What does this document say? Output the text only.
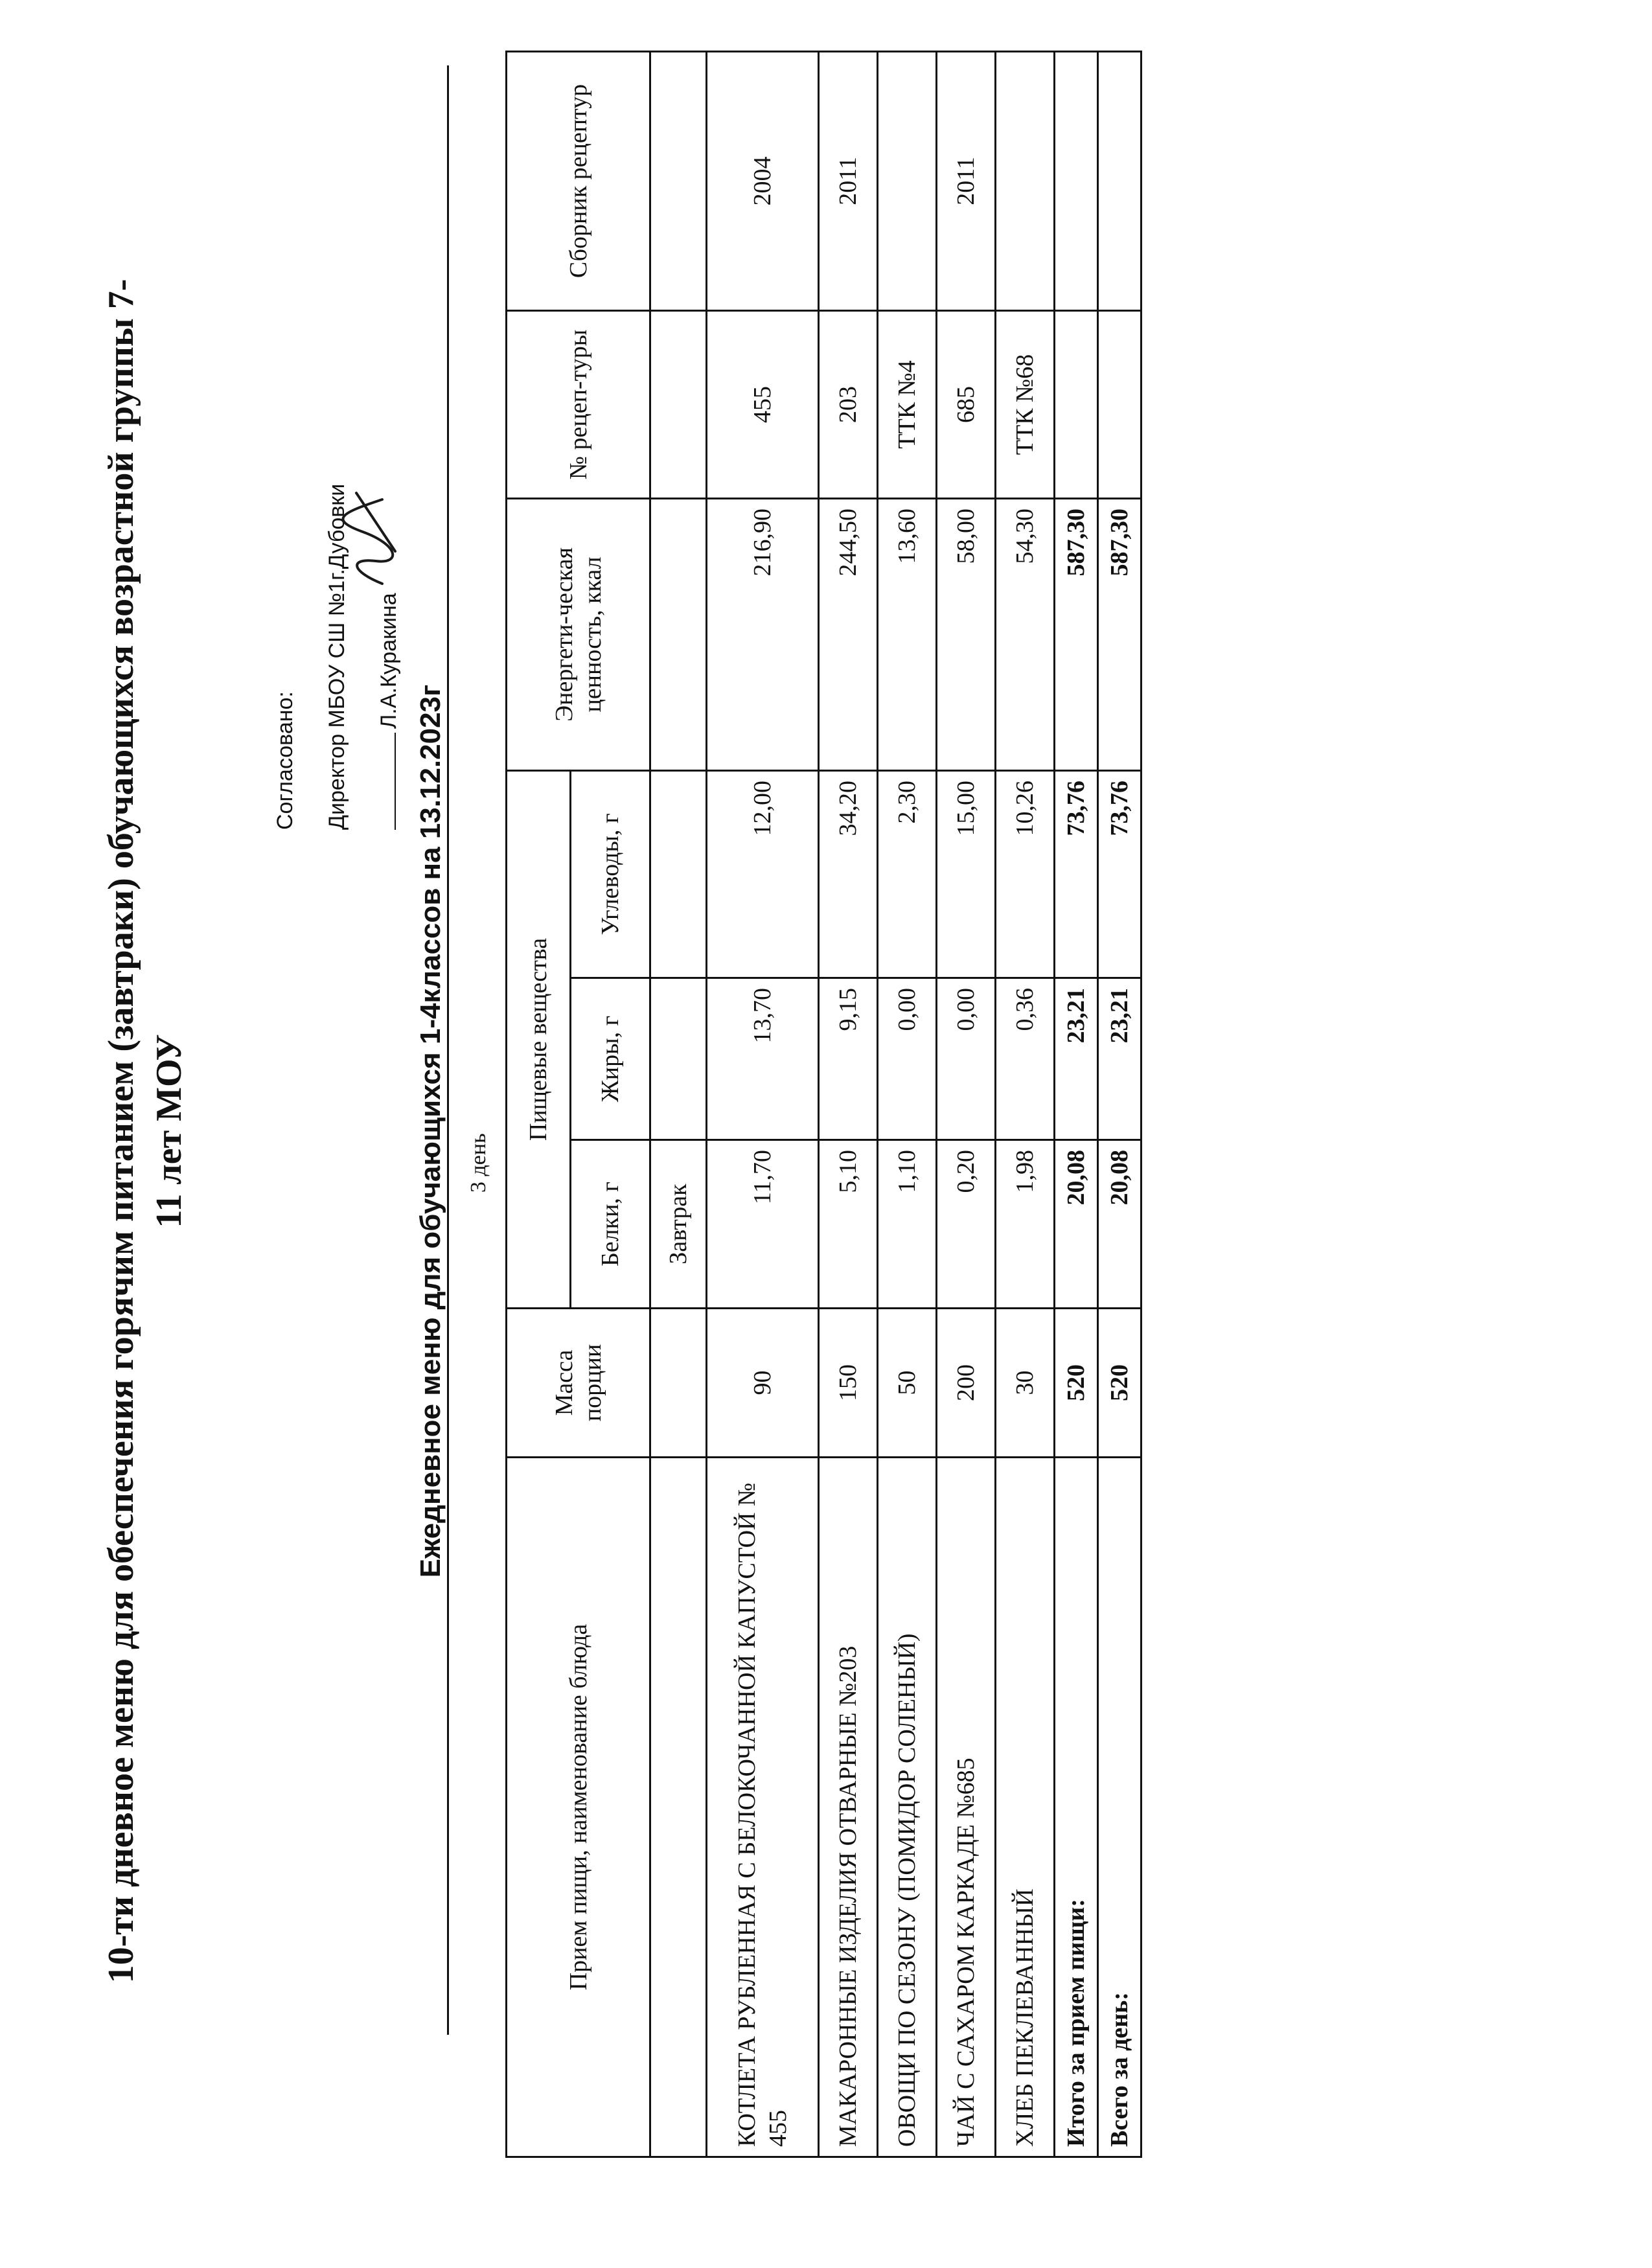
10-ти дневное меню для обеспечения горячим питанием (завтраки) обучающихся возрастной группы 7- 11 лет МОУ
Согласовано:	Директор МБОУ СШ №1г.Дубовки	Л.А.Куракина
Ежедневное меню для обучающихся 1-4классов на 13.12.2023г 3 день
Прием пищи, наименование блюда	Масса порции	Пищевые вещества			Энергети-ческая ценность, ккал	№ рецеп-туры	Сборник рецептур
		Белки, г	Жиры, г	Углеводы, г			
		Завтрак					
КОТЛЕТА РУБЛЕННАЯ С БЕЛОКОЧАННОЙ КАПУСТОЙ № 455	90	11,70	13,70	12,00	216,90	455	2004
МАКАРОННЫЕ ИЗДЕЛИЯ ОТВАРНЫЕ №203	150	5,10	9,15	34,20	244,50	203	2011
ОВОЩИ ПО СЕЗОНУ (ПОМИДОР СОЛЕНЫЙ)	50	1,10	0,00	2,30	13,60	ТТК №4	
ЧАЙ С САХАРОМ КАРКАДЕ №685	200	0,20	0,00	15,00	58,00	685	2011
ХЛЕБ ПЕКЛЕВАННЫЙ	30	1,98	0,36	10,26	54,30	ТТК №68	
Итого за прием пищи:	520	20,08	23,21	73,76	587,30		
Всего за день:	520	20,08	23,21	73,76	587,30		
